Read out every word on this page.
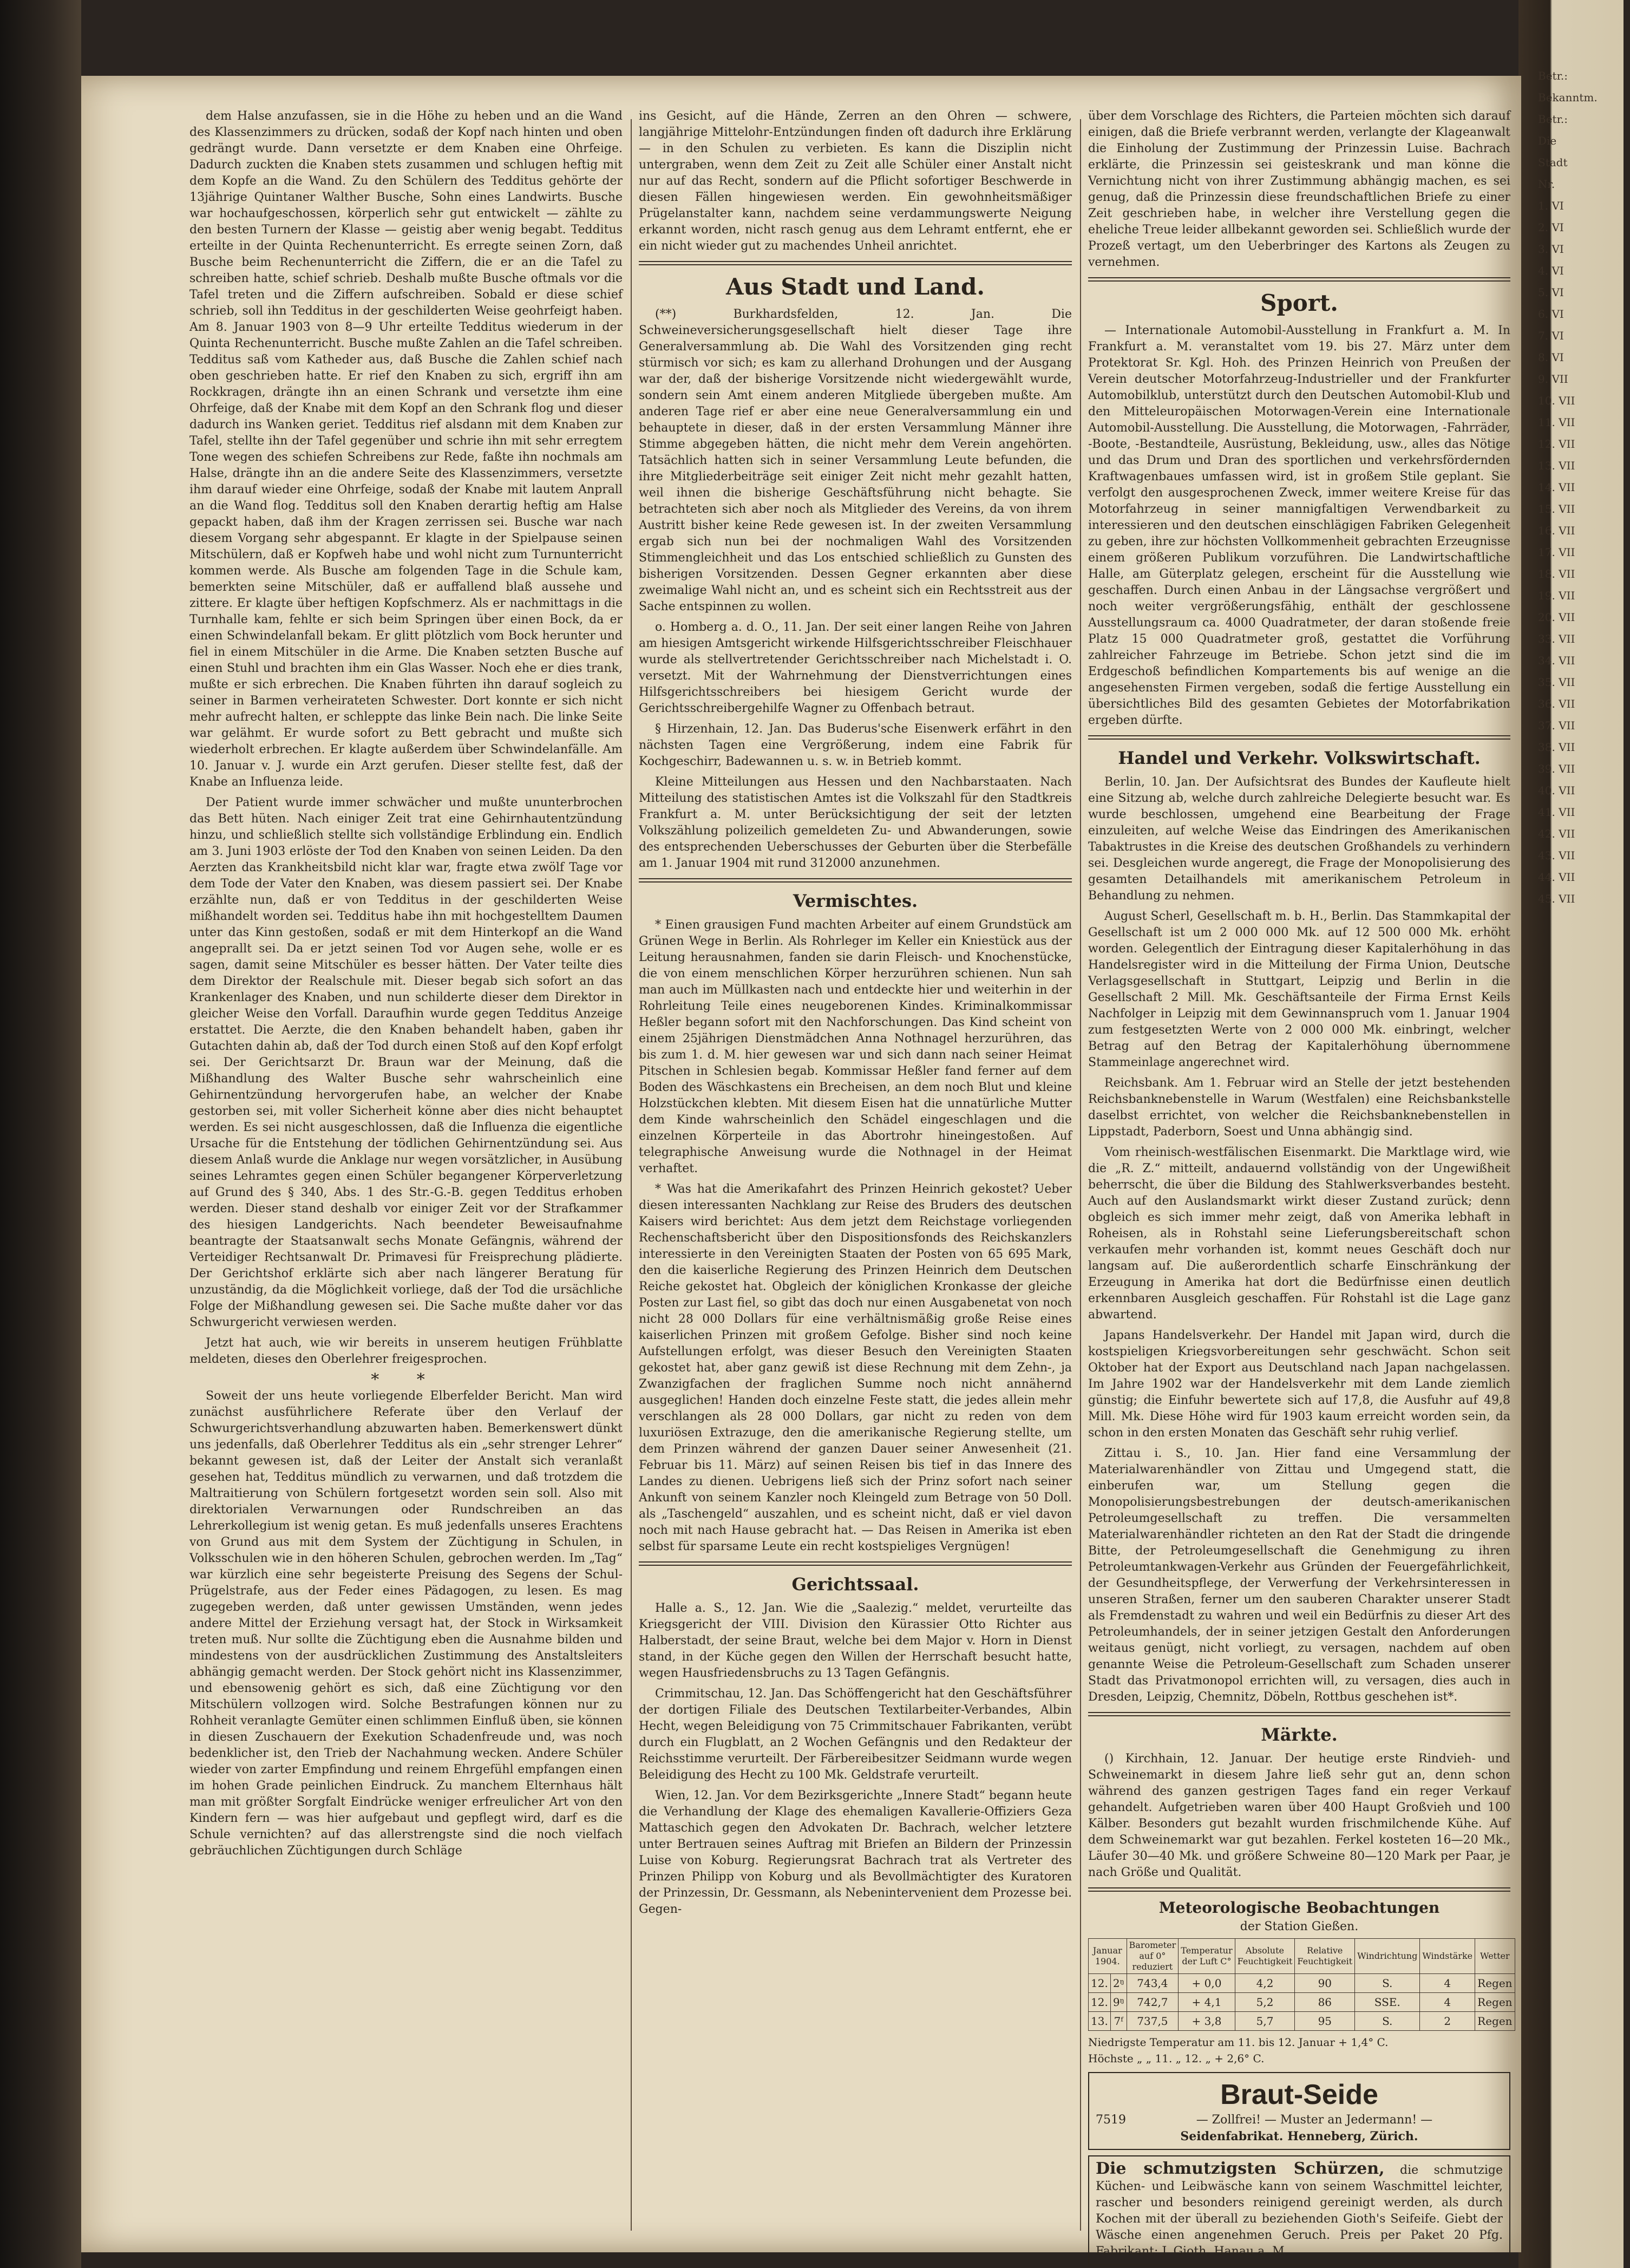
Betr.:
Bekanntm.
Betr.:
Die
Stadt
Nr.
1. VI
2. VI
3. VI
4. VI
5. VI
6. VI
7. VI
8. VI
9. VII
10. VII
11. VII
12. VII
13. VII
14. VII
15. VII
16. VII
17. VII
18. VII
19. VII
20. VII
33. VII
34. VII
35. VII
36. VII
37. VII
38. VII
39. VII
40. VII
41. VII
42. VII
43. VII
44. VII
45. VII

dem Halse anzufassen, sie in die Höhe zu heben und an die Wand des Klassenzimmers zu drücken, sodaß der Kopf nach hinten und oben gedrängt wurde. Dann versetzte er dem Knaben eine Ohrfeige. Dadurch zuckten die Knaben stets zusammen und schlugen heftig mit dem Kopfe an die Wand. Zu den Schülern des Tedditus gehörte der 13jährige Quintaner Walther Busche, Sohn eines Landwirts. Busche war hochaufgeschossen, körperlich sehr gut entwickelt — zählte zu den besten Turnern der Klasse — geistig aber wenig begabt. Tedditus erteilte in der Quinta Rechenunterricht. Es erregte seinen Zorn, daß Busche beim Rechenunterricht die Ziffern, die er an die Tafel zu schreiben hatte, schief schrieb. Deshalb mußte Busche oftmals vor die Tafel treten und die Ziffern aufschreiben. Sobald er diese schief schrieb, soll ihn Tedditus in der geschilderten Weise geohrfeigt haben. Am 8. Januar 1903 von 8—9 Uhr erteilte Tedditus wiederum in der Quinta Rechenunterricht. Busche mußte Zahlen an die Tafel schreiben. Tedditus saß vom Katheder aus, daß Busche die Zahlen schief nach oben geschrieben hatte. Er rief den Knaben zu sich, ergriff ihn am Rockkragen, drängte ihn an einen Schrank und versetzte ihm eine Ohrfeige, daß der Knabe mit dem Kopf an den Schrank flog und dieser dadurch ins Wanken geriet. Tedditus rief alsdann mit dem Knaben zur Tafel, stellte ihn der Tafel gegenüber und schrie ihn mit sehr erregtem Tone wegen des schiefen Schreibens zur Rede, faßte ihn nochmals am Halse, drängte ihn an die andere Seite des Klassenzimmers, versetzte ihm darauf wieder eine Ohrfeige, sodaß der Knabe mit lautem Anprall an die Wand flog. Tedditus soll den Knaben derartig heftig am Halse gepackt haben, daß ihm der Kragen zerrissen sei. Busche war nach diesem Vorgang sehr abgespannt. Er klagte in der Spielpause seinen Mitschülern, daß er Kopfweh habe und wohl nicht zum Turnunterricht kommen werde. Als Busche am folgenden Tage in die Schule kam, bemerkten seine Mitschüler, daß er auffallend blaß aussehe und zittere. Er klagte über heftigen Kopfschmerz. Als er nachmittags in die Turnhalle kam, fehlte er sich beim Springen über einen Bock, da er einen Schwindelanfall bekam. Er glitt plötzlich vom Bock herunter und fiel in einem Mitschüler in die Arme. Die Knaben setzten Busche auf einen Stuhl und brachten ihm ein Glas Wasser. Noch ehe er dies trank, mußte er sich erbrechen. Die Knaben führten ihn darauf sogleich zu seiner in Barmen verheirateten Schwester. Dort konnte er sich nicht mehr aufrecht halten, er schleppte das linke Bein nach. Die linke Seite war gelähmt. Er wurde sofort zu Bett gebracht und mußte sich wiederholt erbrechen. Er klagte außerdem über Schwindelanfälle. Am 10. Januar v. J. wurde ein Arzt gerufen. Dieser stellte fest, daß der Knabe an Influenza leide.

Der Patient wurde immer schwächer und mußte ununterbrochen das Bett hüten. Nach einiger Zeit trat eine Gehirnhautentzündung hinzu, und schließlich stellte sich vollständige Erblindung ein. Endlich am 3. Juni 1903 erlöste der Tod den Knaben von seinen Leiden. Da den Aerzten das Krankheitsbild nicht klar war, fragte etwa zwölf Tage vor dem Tode der Vater den Knaben, was diesem passiert sei. Der Knabe erzählte nun, daß er von Tedditus in der geschilderten Weise mißhandelt worden sei. Tedditus habe ihn mit hochgestelltem Daumen unter das Kinn gestoßen, sodaß er mit dem Hinterkopf an die Wand angeprallt sei. Da er jetzt seinen Tod vor Augen sehe, wolle er es sagen, damit seine Mitschüler es besser hätten. Der Vater teilte dies dem Direktor der Realschule mit. Dieser begab sich sofort an das Krankenlager des Knaben, und nun schilderte dieser dem Direktor in gleicher Weise den Vorfall. Daraufhin wurde gegen Tedditus Anzeige erstattet. Die Aerzte, die den Knaben behandelt haben, gaben ihr Gutachten dahin ab, daß der Tod durch einen Stoß auf den Kopf erfolgt sei. Der Gerichtsarzt Dr. Braun war der Meinung, daß die Mißhandlung des Walter Busche sehr wahrscheinlich eine Gehirnentzündung hervorgerufen habe, an welcher der Knabe gestorben sei, mit voller Sicherheit könne aber dies nicht behauptet werden. Es sei nicht ausgeschlossen, daß die Influenza die eigentliche Ursache für die Entstehung der tödlichen Gehirnentzündung sei. Aus diesem Anlaß wurde die Anklage nur wegen vorsätzlicher, in Ausübung seines Lehramtes gegen einen Schüler begangener Körperverletzung auf Grund des § 340, Abs. 1 des Str.-G.-B. gegen Tedditus erhoben werden. Dieser stand deshalb vor einiger Zeit vor der Strafkammer des hiesigen Landgerichts. Nach beendeter Beweisaufnahme beantragte der Staatsanwalt sechs Monate Gefängnis, während der Verteidiger Rechtsanwalt Dr. Primavesi für Freisprechung plädierte. Der Gerichtshof erklärte sich aber nach längerer Beratung für unzuständig, da die Möglichkeit vorliege, daß der Tod die ursächliche Folge der Mißhandlung gewesen sei. Die Sache mußte daher vor das Schwurgericht verwiesen werden.

Jetzt hat auch, wie wir bereits in unserem heutigen Frühblatte meldeten, dieses den Oberlehrer freigesprochen.

* *

Soweit der uns heute vorliegende Elberfelder Bericht. Man wird zunächst ausführlichere Referate über den Verlauf der Schwurgerichtsverhandlung abzuwarten haben. Bemerkenswert dünkt uns jedenfalls, daß Oberlehrer Tedditus als ein „sehr strenger Lehrer“ bekannt gewesen ist, daß der Leiter der Anstalt sich veranlaßt gesehen hat, Tedditus mündlich zu verwarnen, und daß trotzdem die Maltraitierung von Schülern fortgesetzt worden sein soll. Also mit direktorialen Verwarnungen oder Rundschreiben an das Lehrerkollegium ist wenig getan. Es muß jedenfalls unseres Erachtens von Grund aus mit dem System der Züchtigung in Schulen, in Volksschulen wie in den höheren Schulen, gebrochen werden. Im „Tag“ war kürzlich eine sehr begeisterte Preisung des Segens der Schul-Prügelstrafe, aus der Feder eines Pädagogen, zu lesen. Es mag zugegeben werden, daß unter gewissen Umständen, wenn jedes andere Mittel der Erziehung versagt hat, der Stock in Wirksamkeit treten muß. Nur sollte die Züchtigung eben die Ausnahme bilden und mindestens von der ausdrücklichen Zustimmung des Anstaltsleiters abhängig gemacht werden. Der Stock gehört nicht ins Klassenzimmer, und ebensowenig gehört es sich, daß eine Züchtigung vor den Mitschülern vollzogen wird. Solche Bestrafungen können nur zu Rohheit veranlagte Gemüter einen schlimmen Einfluß üben, sie können in diesen Zuschauern der Exekution Schadenfreude und, was noch bedenklicher ist, den Trieb der Nachahmung wecken. Andere Schüler wieder von zarter Empfindung und reinem Ehrgefühl empfangen einen im hohen Grade peinlichen Eindruck. Zu manchem Elternhaus hält man mit größter Sorgfalt Eindrücke weniger erfreulicher Art von den Kindern fern — was hier aufgebaut und gepflegt wird, darf es die Schule vernichten? auf das allerstrengste sind die noch vielfach gebräuchlichen Züchtigungen durch Schläge

ins Gesicht, auf die Hände, Zerren an den Ohren — schwere, langjährige Mittelohr-Entzündungen finden oft dadurch ihre Erklärung — in den Schulen zu verbieten. Es kann die Disziplin nicht untergraben, wenn dem Zeit zu Zeit alle Schüler einer Anstalt nicht nur auf das Recht, sondern auf die Pflicht sofortiger Beschwerde in diesen Fällen hingewiesen werden. Ein gewohnheitsmäßiger Prügelanstalter kann, nachdem seine verdammungswerte Neigung erkannt worden, nicht rasch genug aus dem Lehramt entfernt, ehe er ein nicht wieder gut zu machendes Unheil anrichtet.

Aus Stadt und Land.

(**) Burkhardsfelden, 12. Jan. Die Schweineversicherungsgesellschaft hielt dieser Tage ihre Generalversammlung ab. Die Wahl des Vorsitzenden ging recht stürmisch vor sich; es kam zu allerhand Drohungen und der Ausgang war der, daß der bisherige Vorsitzende nicht wiedergewählt wurde, sondern sein Amt einem anderen Mitgliede übergeben mußte. Am anderen Tage rief er aber eine neue Generalversammlung ein und behauptete in dieser, daß in der ersten Versammlung Männer ihre Stimme abgegeben hätten, die nicht mehr dem Verein angehörten. Tatsächlich hatten sich in seiner Versammlung Leute befunden, die ihre Mitgliederbeiträge seit einiger Zeit nicht mehr gezahlt hatten, weil ihnen die bisherige Geschäftsführung nicht behagte. Sie betrachteten sich aber noch als Mitglieder des Vereins, da von ihrem Austritt bisher keine Rede gewesen ist. In der zweiten Versammlung ergab sich nun bei der nochmaligen Wahl des Vorsitzenden Stimmengleichheit und das Los entschied schließlich zu Gunsten des bisherigen Vorsitzenden. Dessen Gegner erkannten aber diese zweimalige Wahl nicht an, und es scheint sich ein Rechtsstreit aus der Sache entspinnen zu wollen.

o. Homberg a. d. O., 11. Jan. Der seit einer langen Reihe von Jahren am hiesigen Amtsgericht wirkende Hilfsgerichtsschreiber Fleischhauer wurde als stellvertretender Gerichtsschreiber nach Michelstadt i. O. versetzt. Mit der Wahrnehmung der Dienstverrichtungen eines Hilfsgerichtsschreibers bei hiesigem Gericht wurde der Gerichtsschreibergehilfe Wagner zu Offenbach betraut.

§ Hirzenhain, 12. Jan. Das Buderus'sche Eisenwerk erfährt in den nächsten Tagen eine Vergrößerung, indem eine Fabrik für Kochgeschirr, Badewannen u. s. w. in Betrieb kommt.

Kleine Mitteilungen aus Hessen und den Nachbarstaaten. Nach Mitteilung des statistischen Amtes ist die Volkszahl für den Stadtkreis Frankfurt a. M. unter Berücksichtigung der seit der letzten Volkszählung polizeilich gemeldeten Zu- und Abwanderungen, sowie des entsprechenden Ueberschusses der Geburten über die Sterbefälle am 1. Januar 1904 mit rund 312000 anzunehmen.

Vermischtes.

* Einen grausigen Fund machten Arbeiter auf einem Grundstück am Grünen Wege in Berlin. Als Rohrleger im Keller ein Kniestück aus der Leitung herausnahmen, fanden sie darin Fleisch- und Knochenstücke, die von einem menschlichen Körper herzurühren schienen. Nun sah man auch im Müllkasten nach und entdeckte hier und weiterhin in der Rohrleitung Teile eines neugeborenen Kindes. Kriminalkommissar Heßler begann sofort mit den Nachforschungen. Das Kind scheint von einem 25jährigen Dienstmädchen Anna Nothnagel herzurühren, das bis zum 1. d. M. hier gewesen war und sich dann nach seiner Heimat Pitschen in Schlesien begab. Kommissar Heßler fand ferner auf dem Boden des Wäschkastens ein Brecheisen, an dem noch Blut und kleine Holzstückchen klebten. Mit diesem Eisen hat die unnatürliche Mutter dem Kinde wahrscheinlich den Schädel eingeschlagen und die einzelnen Körperteile in das Abortrohr hineingestoßen. Auf telegraphische Anweisung wurde die Nothnagel in der Heimat verhaftet.

* Was hat die Amerikafahrt des Prinzen Heinrich gekostet? Ueber diesen interessanten Nachklang zur Reise des Bruders des deutschen Kaisers wird berichtet: Aus dem jetzt dem Reichstage vorliegenden Rechenschaftsbericht über den Dispositionsfonds des Reichskanzlers interessierte in den Vereinigten Staaten der Posten von 65 695 Mark, den die kaiserliche Regierung des Prinzen Heinrich dem Deutschen Reiche gekostet hat. Obgleich der königlichen Kronkasse der gleiche Posten zur Last fiel, so gibt das doch nur einen Ausgabenetat von noch nicht 28 000 Dollars für eine verhältnismäßig große Reise eines kaiserlichen Prinzen mit großem Gefolge. Bisher sind noch keine Aufstellungen erfolgt, was dieser Besuch den Vereinigten Staaten gekostet hat, aber ganz gewiß ist diese Rechnung mit dem Zehn-, ja Zwanzigfachen der fraglichen Summe noch nicht annähernd ausgeglichen! Handen doch einzelne Feste statt, die jedes allein mehr verschlangen als 28 000 Dollars, gar nicht zu reden von dem luxuriösen Extrazuge, den die amerikanische Regierung stellte, um dem Prinzen während der ganzen Dauer seiner Anwesenheit (21. Februar bis 11. März) auf seinen Reisen bis tief in das Innere des Landes zu dienen. Uebrigens ließ sich der Prinz sofort nach seiner Ankunft von seinem Kanzler noch Kleingeld zum Betrage von 50 Doll. als „Taschengeld“ auszahlen, und es scheint nicht, daß er viel davon noch mit nach Hause gebracht hat. — Das Reisen in Amerika ist eben selbst für sparsame Leute ein recht kostspieliges Vergnügen!

Gerichtssaal.

Halle a. S., 12. Jan. Wie die „Saalezig.“ meldet, verurteilte das Kriegsgericht der VIII. Division den Kürassier Otto Richter aus Halberstadt, der seine Braut, welche bei dem Major v. Horn in Dienst stand, in der Küche gegen den Willen der Herrschaft besucht hatte, wegen Hausfriedensbruchs zu 13 Tagen Gefängnis.

Crimmitschau, 12. Jan. Das Schöffengericht hat den Geschäftsführer der dortigen Filiale des Deutschen Textilarbeiter-Verbandes, Albin Hecht, wegen Beleidigung von 75 Crimmitschauer Fabrikanten, verübt durch ein Flugblatt, an 2 Wochen Gefängnis und den Redakteur der Reichsstimme verurteilt. Der Färbereibesitzer Seidmann wurde wegen Beleidigung des Hecht zu 100 Mk. Geldstrafe verurteilt.

Wien, 12. Jan. Vor dem Bezirksgerichte „Innere Stadt“ begann heute die Verhandlung der Klage des ehemaligen Kavallerie-Offiziers Geza Mattaschich gegen den Advokaten Dr. Bachrach, welcher letztere unter Bertrauen seines Auftrag mit Briefen an Bildern der Prinzessin Luise von Koburg. Regierungsrat Bachrach trat als Vertreter des Prinzen Philipp von Koburg und als Bevollmächtigter des Kuratoren der Prinzessin, Dr. Gessmann, als Nebenintervenient dem Prozesse bei. Gegen-

über dem Vorschlage des Richters, die Parteien möchten sich darauf einigen, daß die Briefe verbrannt werden, verlangte der Klageanwalt die Einholung der Zustimmung der Prinzessin Luise. Bachrach erklärte, die Prinzessin sei geisteskrank und man könne die Vernichtung nicht von ihrer Zustimmung abhängig machen, es sei genug, daß die Prinzessin diese freundschaftlichen Briefe zu einer Zeit geschrieben habe, in welcher ihre Verstellung gegen die eheliche Treue leider allbekannt geworden sei. Schließlich wurde der Prozeß vertagt, um den Ueberbringer des Kartons als Zeugen zu vernehmen.

Sport.

— Internationale Automobil-Ausstellung in Frankfurt a. M. In Frankfurt a. M. veranstaltet vom 19. bis 27. März unter dem Protektorat Sr. Kgl. Hoh. des Prinzen Heinrich von Preußen der Verein deutscher Motorfahrzeug-Industrieller und der Frankfurter Automobilklub, unterstützt durch den Deutschen Automobil-Klub und den Mitteleuropäischen Motorwagen-Verein eine Internationale Automobil-Ausstellung. Die Ausstellung, die Motorwagen, -Fahrräder, -Boote, -Bestandteile, Ausrüstung, Bekleidung, usw., alles das Nötige und das Drum und Dran des sportlichen und verkehrsfördernden Kraftwagenbaues umfassen wird, ist in großem Stile geplant. Sie verfolgt den ausgesprochenen Zweck, immer weitere Kreise für das Motorfahrzeug in seiner mannigfaltigen Verwendbarkeit zu interessieren und den deutschen einschlägigen Fabriken Gelegenheit zu geben, ihre zur höchsten Vollkommenheit gebrachten Erzeugnisse einem größeren Publikum vorzuführen. Die Landwirtschaftliche Halle, am Güterplatz gelegen, erscheint für die Ausstellung wie geschaffen. Durch einen Anbau in der Längsachse vergrößert und noch weiter vergrößerungsfähig, enthält der geschlossene Ausstellungsraum ca. 4000 Quadratmeter, der daran stoßende freie Platz 15 000 Quadratmeter groß, gestattet die Vorführung zahlreicher Fahrzeuge im Betriebe. Schon jetzt sind die im Erdgeschoß befindlichen Kompartements bis auf wenige an die angesehensten Firmen vergeben, sodaß die fertige Ausstellung ein übersichtliches Bild des gesamten Gebietes der Motorfabrikation ergeben dürfte.

Handel und Verkehr. Volkswirtschaft.

Berlin, 10. Jan. Der Aufsichtsrat des Bundes der Kaufleute hielt eine Sitzung ab, welche durch zahlreiche Delegierte besucht war. Es wurde beschlossen, umgehend eine Bearbeitung der Frage einzuleiten, auf welche Weise das Eindringen des Amerikanischen Tabaktrustes in die Kreise des deutschen Großhandels zu verhindern sei. Desgleichen wurde angeregt, die Frage der Monopolisierung des gesamten Detailhandels mit amerikanischem Petroleum in Behandlung zu nehmen.

August Scherl, Gesellschaft m. b. H., Berlin. Das Stammkapital der Gesellschaft ist um 2 000 000 Mk. auf 12 500 000 Mk. erhöht worden. Gelegentlich der Eintragung dieser Kapitalerhöhung in das Handelsregister wird in die Mitteilung der Firma Union, Deutsche Verlagsgesellschaft in Stuttgart, Leipzig und Berlin in die Gesellschaft 2 Mill. Mk. Geschäftsanteile der Firma Ernst Keils Nachfolger in Leipzig mit dem Gewinnanspruch vom 1. Januar 1904 zum festgesetzten Werte von 2 000 000 Mk. einbringt, welcher Betrag auf den Betrag der Kapitalerhöhung übernommene Stammeinlage angerechnet wird.

Reichsbank. Am 1. Februar wird an Stelle der jetzt bestehenden Reichsbanknebenstelle in Warum (Westfalen) eine Reichsbankstelle daselbst errichtet, von welcher die Reichsbanknebenstellen in Lippstadt, Paderborn, Soest und Unna abhängig sind.

Vom rheinisch-westfälischen Eisenmarkt. Die Marktlage wird, wie die „R. Z.“ mitteilt, andauernd vollständig von der Ungewißheit beherrscht, die über die Bildung des Stahlwerksverbandes besteht. Auch auf den Auslandsmarkt wirkt dieser Zustand zurück; denn obgleich es sich immer mehr zeigt, daß von Amerika lebhaft in Roheisen, als in Rohstahl seine Lieferungsbereitschaft schon verkaufen mehr vorhanden ist, kommt neues Geschäft doch nur langsam auf. Die außerordentlich scharfe Einschränkung der Erzeugung in Amerika hat dort die Bedürfnisse einen deutlich erkennbaren Ausgleich geschaffen. Für Rohstahl ist die Lage ganz abwartend.

Japans Handelsverkehr. Der Handel mit Japan wird, durch die kostspieligen Kriegsvorbereitungen sehr geschwächt. Schon seit Oktober hat der Export aus Deutschland nach Japan nachgelassen. Im Jahre 1902 war der Handelsverkehr mit dem Lande ziemlich günstig; die Einfuhr bewertete sich auf 17,8, die Ausfuhr auf 49,8 Mill. Mk. Diese Höhe wird für 1903 kaum erreicht worden sein, da schon in den ersten Monaten das Geschäft sehr ruhig verlief.

Zittau i. S., 10. Jan. Hier fand eine Versammlung der Materialwarenhändler von Zittau und Umgegend statt, die einberufen war, um Stellung gegen die Monopolisierungsbestrebungen der deutsch-amerikanischen Petroleumgesellschaft zu treffen. Die versammelten Materialwarenhändler richteten an den Rat der Stadt die dringende Bitte, der Petroleumgesellschaft die Genehmigung zu ihren Petroleumtankwagen-Verkehr aus Gründen der Feuergefährlichkeit, der Gesundheitspflege, der Verwerfung der Verkehrsinteressen in unseren Straßen, ferner um den sauberen Charakter unserer Stadt als Fremdenstadt zu wahren und weil ein Bedürfnis zu dieser Art des Petroleumhandels, der in seiner jetzigen Gestalt den Anforderungen weitaus genügt, nicht vorliegt, zu versagen, nachdem auf oben genannte Weise die Petroleum-Gesellschaft zum Schaden unserer Stadt das Privatmonopol errichten will, zu versagen, dies auch in Dresden, Leipzig, Chemnitz, Döbeln, Rottbus geschehen ist*.

Märkte.

() Kirchhain, 12. Januar. Der heutige erste Rindvieh- und Schweinemarkt in diesem Jahre ließ sehr gut an, denn schon während des ganzen gestrigen Tages fand ein reger Verkauf gehandelt. Aufgetrieben waren über 400 Haupt Großvieh und 100 Kälber. Besonders gut bezahlt wurden frischmilchende Kühe. Auf dem Schweinemarkt war gut bezahlen. Ferkel kosteten 16—20 Mk., Läufer 30—40 Mk. und größere Schweine 80—120 Mark per Paar, je nach Größe und Qualität.

Meteorologische Beobachtungen
der Station Gießen.
Januar 1904.		Barometer auf 0° reduziert	Temperatur der Luft C°	Absolute Feuchtigkeit	Relative Feuchtigkeit	Windrichtung	Windstärke	Wetter
12.	2ᵑ	743,4	+ 0,0	4,2	90	S.	4	Regen
12.	9ᵑ	742,7	+ 4,1	5,2	86	SSE.	4	Regen
13.	7ᶠ	737,5	+ 3,8	5,7	95	S.	2	Regen
Niedrigste Temperatur am 11. bis 12. Januar + 1,4° C.
Höchste „ „ 11. „ 12. „ + 2,6° C.
Braut-Seide
7519	— Zollfrei! — Muster an Jedermann! —
Seidenfabrikat. Henneberg, Zürich.
Die schmutzigsten Schürzen, die schmutzige Küchen- und Leibwäsche kann von seinem Waschmittel leichter, rascher und besonders reinigend gereinigt werden, als durch Kochen mit der überall zu beziehenden Gioth's Seifeife. Giebt der Wäsche einen angenehmen Geruch. Preis per Paket 20 Pfg. Fabrikant: J. Gioth, Hanau a. M.
